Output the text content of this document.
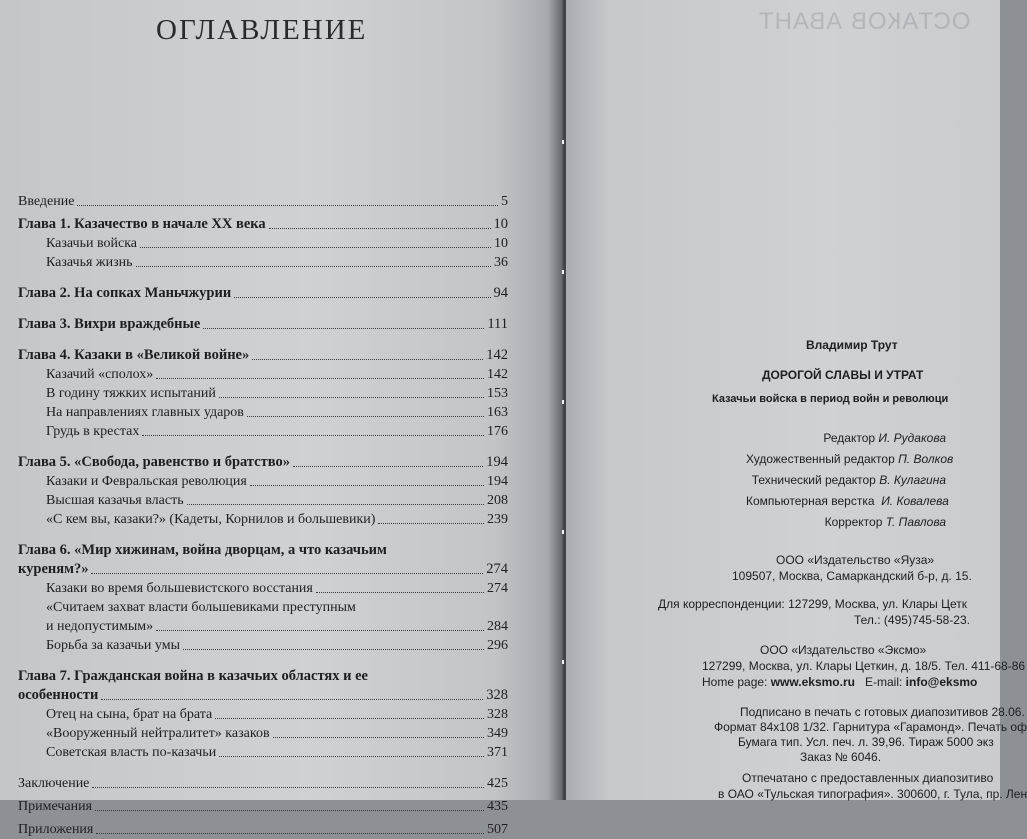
ОГЛАВЛЕНИЕ
Введение	5
Глава 1. Казачество в начале XX века	10
Казачьи войска	10
Казачья жизнь	36
Глава 2. На сопках Маньчжурии	94
Глава 3. Вихри враждебные	111
Глава 4. Казаки в «Великой войне»	142
Казачий «сполох»	142
В годину тяжких испытаний	153
На направлениях главных ударов	163
Грудь в крестах	176
Глава 5. «Свобода, равенство и братство»	194
Казаки и Февральская революция	194
Высшая казачья власть	208
«С кем вы, казаки?» (Кадеты, Корнилов и большевики)	239
Глава 6. «Мир хижинам, война дворцам, а что казачьим
куреням?»	274
Казаки во время большевистского восстания	274
«Считаем захват власти большевиками преступным
и недопустимым»	284
Борьба за казачьи умы	296
Глава 7. Гражданская война в казачьих областях и ее
особенности	328
Отец на сына, брат на брата	328
«Вооруженный нейтралитет» казаков	349
Советская власть по-казачьи	371
Заключение	425
Примечания	435
Приложения	507
ОСТАКОВ АВАНТ
Владимир Трут
ДОРОГОЙ СЛАВЫ И УТРАТ
Казачьи войска в период войн и революци
Редактор И. Рудакова
Художественный редактор П. Волков
Технический редактор В. Кулагина
Компьютерная верстка И. Ковалева
Корректор Т. Павлова
ООО «Издательство «Яуза»
109507, Москва, Самаркандский б-р, д. 15.
Для корреспонденции: 127299, Москва, ул. Клары Цетк
Тел.: (495)745-58-23.
ООО «Издательство «Эксмо»
127299, Москва, ул. Клары Цеткин, д. 18/5. Тел. 411-68-86
Home page: www.eksmo.ru E-mail: info@eksmo
Подписано в печать с готовых диапозитивов 28.06.
Формат 84х108 1/32. Гарнитура «Гарамонд». Печать оф
Бумага тип. Усл. печ. л. 39,96. Тираж 5000 экз
Заказ № 6046.
Отпечатано с предоставленных диапозитиво
в ОАО «Тульская типография». 300600, г. Тула, пр. Лен
